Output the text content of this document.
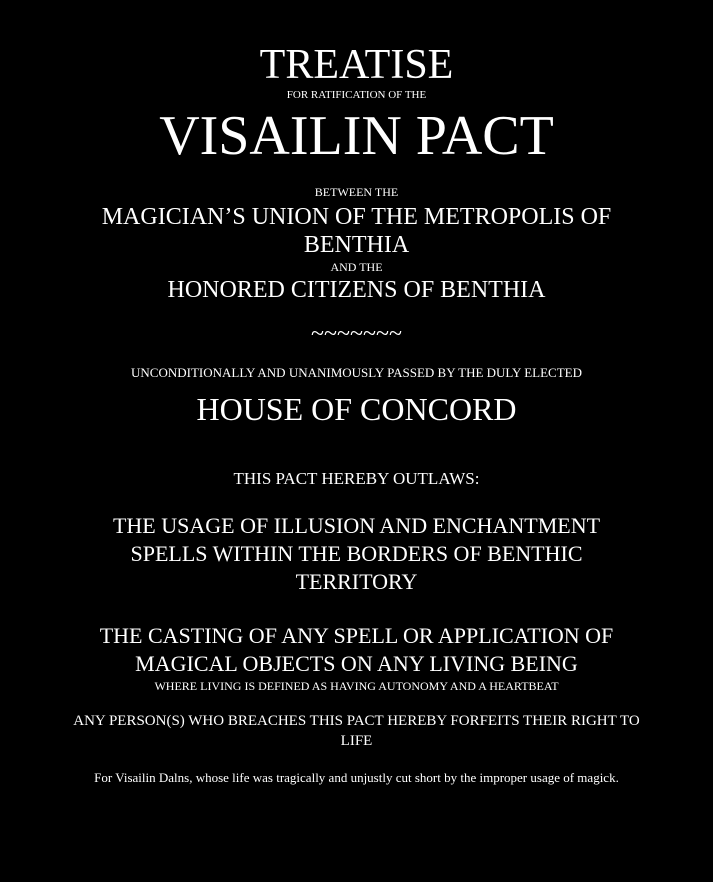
TREATISE

FOR RATIFICATION OF THE

VISAILIN PACT

BETWEEN THE

MAGICIAN’S UNION OF THE METROPOLIS OF BENTHIA

AND THE

HONORED CITIZENS OF BENTHIA

~~~~~~~

UNCONDITIONALLY AND UNANIMOUSLY PASSED BY THE DULY ELECTED

HOUSE OF CONCORD

THIS PACT HEREBY OUTLAWS:

THE USAGE OF ILLUSION AND ENCHANTMENT SPELLS WITHIN THE BORDERS OF BENTHIC TERRITORY

THE CASTING OF ANY SPELL OR APPLICATION OF MAGICAL OBJECTS ON ANY LIVING BEING

WHERE LIVING IS DEFINED AS HAVING AUTONOMY AND A HEARTBEAT

ANY PERSON(S) WHO BREACHES THIS PACT HEREBY FORFEITS THEIR RIGHT TO LIFE

For Visailin Dalns, whose life was tragically and unjustly cut short by the improper usage of magick.
